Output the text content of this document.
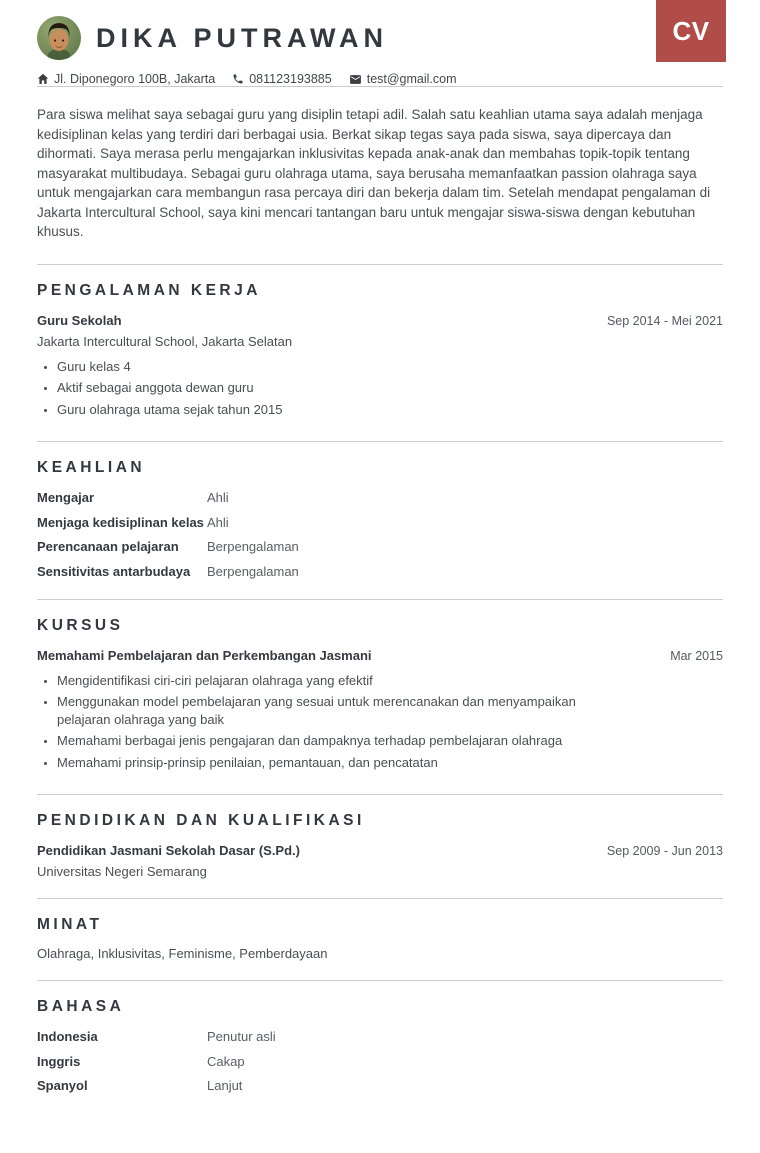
CV
DIKA PUTRAWAN
Jl. Diponegoro 100B, Jakarta	081123193885	test@gmail.com

Para siswa melihat saya sebagai guru yang disiplin tetapi adil. Salah satu keahlian utama saya adalah menjaga kedisiplinan kelas yang terdiri dari berbagai usia. Berkat sikap tegas saya pada siswa, saya dipercaya dan dihormati. Saya merasa perlu mengajarkan inklusivitas kepada anak-anak dan membahas topik-topik tentang masyarakat multibudaya. Sebagai guru olahraga utama, saya berusaha memanfaatkan passion olahraga saya untuk mengajarkan cara membangun rasa percaya diri dan bekerja dalam tim. Setelah mendapat pengalaman di Jakarta Intercultural School, saya kini mencari tantangan baru untuk mengajar siswa-siswa dengan kebutuhan khusus.

PENGALAMAN KERJA
Guru Sekolah	Sep 2014 - Mei 2021
Jakarta Intercultural School, Jakarta Selatan
• Guru kelas 4
• Aktif sebagai anggota dewan guru
• Guru olahraga utama sejak tahun 2015
KEAHLIAN
Mengajar	Ahli
Menjaga kedisiplinan kelas Ahli
Perencanaan pelajaran	Berpengalaman
Sensitivitas antarbudaya	Berpengalaman
KURSUS
Memahami Pembelajaran dan Perkembangan Jasmani	Mar 2015
• Mengidentifikasi ciri-ciri pelajaran olahraga yang efektif
• Menggunakan model pembelajaran yang sesuai untuk merencanakan dan menyampaikan pelajaran olahraga yang baik
• Memahami berbagai jenis pengajaran dan dampaknya terhadap pembelajaran olahraga
• Memahami prinsip-prinsip penilaian, pemantauan, dan pencatatan
PENDIDIKAN DAN KUALIFIKASI
Pendidikan Jasmani Sekolah Dasar (S.Pd.)	Sep 2009 - Jun 2013
Universitas Negeri Semarang
MINAT
Olahraga, Inklusivitas, Feminisme, Pemberdayaan
BAHASA
Indonesia	Penutur asli
Inggris	Cakap
Spanyol	Lanjut
